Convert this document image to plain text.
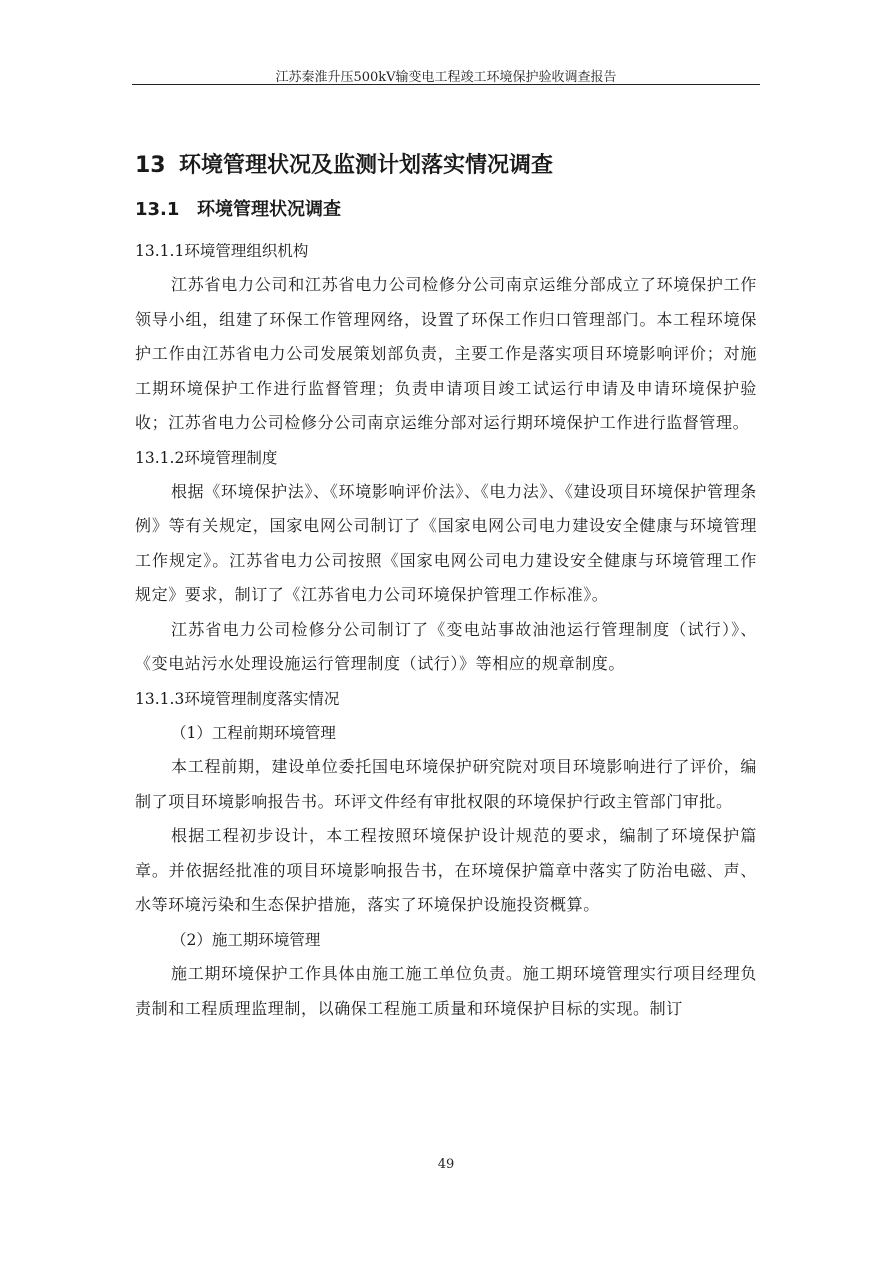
江苏秦淮升压500kV输变电工程竣工环境保护验收调查报告
13 环境管理状况及监测计划落实情况调查
13.1 环境管理状况调查
13.1.1环境管理组织机构

江苏省电力公司和江苏省电力公司检修分公司南京运维分部成立了环境保护工作领导小组，组建了环保工作管理网络，设置了环保工作归口管理部门。本工程环境保护工作由江苏省电力公司发展策划部负责，主要工作是落实项目环境影响评价；对施工期环境保护工作进行监督管理；负责申请项目竣工试运行申请及申请环境保护验收；江苏省电力公司检修分公司南京运维分部对运行期环境保护工作进行监督管理。

13.1.2环境管理制度

根据《环境保护法》、《环境影响评价法》、《电力法》、《建设项目环境保护管理条例》等有关规定，国家电网公司制订了《国家电网公司电力建设安全健康与环境管理工作规定》。江苏省电力公司按照《国家电网公司电力建设安全健康与环境管理工作规定》要求，制订了《江苏省电力公司环境保护管理工作标准》。

江苏省电力公司检修分公司制订了《变电站事故油池运行管理制度（试行）》、《变电站污水处理设施运行管理制度（试行）》等相应的规章制度。

13.1.3环境管理制度落实情况
（1）工程前期环境管理

本工程前期，建设单位委托国电环境保护研究院对项目环境影响进行了评价，编制了项目环境影响报告书。环评文件经有审批权限的环境保护行政主管部门审批。

根据工程初步设计，本工程按照环境保护设计规范的要求，编制了环境保护篇章。并依据经批准的项目环境影响报告书，在环境保护篇章中落实了防治电磁、声、水等环境污染和生态保护措施，落实了环境保护设施投资概算。

（2）施工期环境管理

施工期环境保护工作具体由施工施工单位负责。施工期环境管理实行项目经理负责制和工程质理监理制，以确保工程施工质量和环境保护目标的实现。制订

49
